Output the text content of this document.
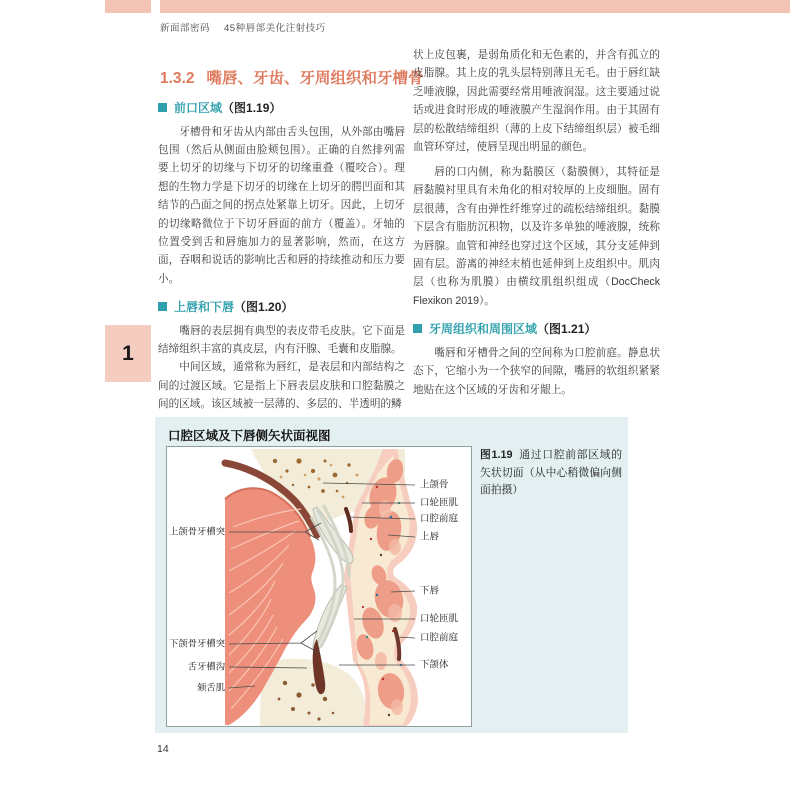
新面部密码 45种唇部美化注射技巧
1
1.3.2 嘴唇、牙齿、牙周组织和牙槽骨
前口区域（图1.19）

牙槽骨和牙齿从内部由舌头包围，从外部由嘴唇包围（然后从侧面由脸颊包围）。正确的自然排列需要上切牙的切缘与下切牙的切缘重叠（覆咬合）。理想的生物力学是下切牙的切缘在上切牙的腭凹面和其结节的凸面之间的拐点处紧靠上切牙。因此，上切牙的切缘略微位于下切牙唇面的前方（覆盖）。牙轴的位置受到舌和唇施加力的显著影响，然而，在这方面，吞咽和说话的影响比舌和唇的持续推动和压力要小。

上唇和下唇（图1.20）

嘴唇的表层拥有典型的表皮带毛皮肤。它下面是结缔组织丰富的真皮层，内有汗腺、毛囊和皮脂腺。

中间区域，通常称为唇红，是表层和内部结构之间的过渡区域。它是指上下唇表层皮肤和口腔黏膜之间的区域。该区域被一层薄的、多层的、半透明的鳞

状上皮包裹，是弱角质化和无色素的，并含有孤立的皮脂腺。其上皮的乳头层特别薄且无毛。由于唇红缺乏唾液腺，因此需要经常用唾液润湿。这主要通过说话或进食时形成的唾液膜产生湿润作用。由于其固有层的松散结缔组织（薄的上皮下结缔组织层）被毛细血管环穿过，使唇呈现出明显的颜色。

唇的口内侧，称为黏膜区（黏膜侧），其特征是唇黏膜衬里具有未角化的相对较厚的上皮细胞。固有层很薄，含有由弹性纤维穿过的疏松结缔组织。黏膜下层含有脂肪沉积物，以及许多单独的唾液腺，统称为唇腺。血管和神经也穿过这个区域，其分支延伸到固有层。游离的神经末梢也延伸到上皮组织中。肌肉层（也称为肌膜）由横纹肌组织组成（DocCheck Flexikon 2019）。

牙周组织和周围区域（图1.21）

嘴唇和牙槽骨之间的空间称为口腔前庭。静息状态下，它缩小为一个狭窄的间隙，嘴唇的软组织紧紧地贴在这个区域的牙齿和牙龈上。

口腔区域及下唇侧矢状面视图
上颌骨
口轮匝肌
口腔前庭
上唇
下唇
口轮匝肌
口腔前庭
下颌体
上颌骨牙槽突
下颌骨牙槽突
舌牙槽沟
颏舌肌
图1.19 通过口腔前部区域的矢状切面（从中心稍微偏向侧面拍摄）
14
